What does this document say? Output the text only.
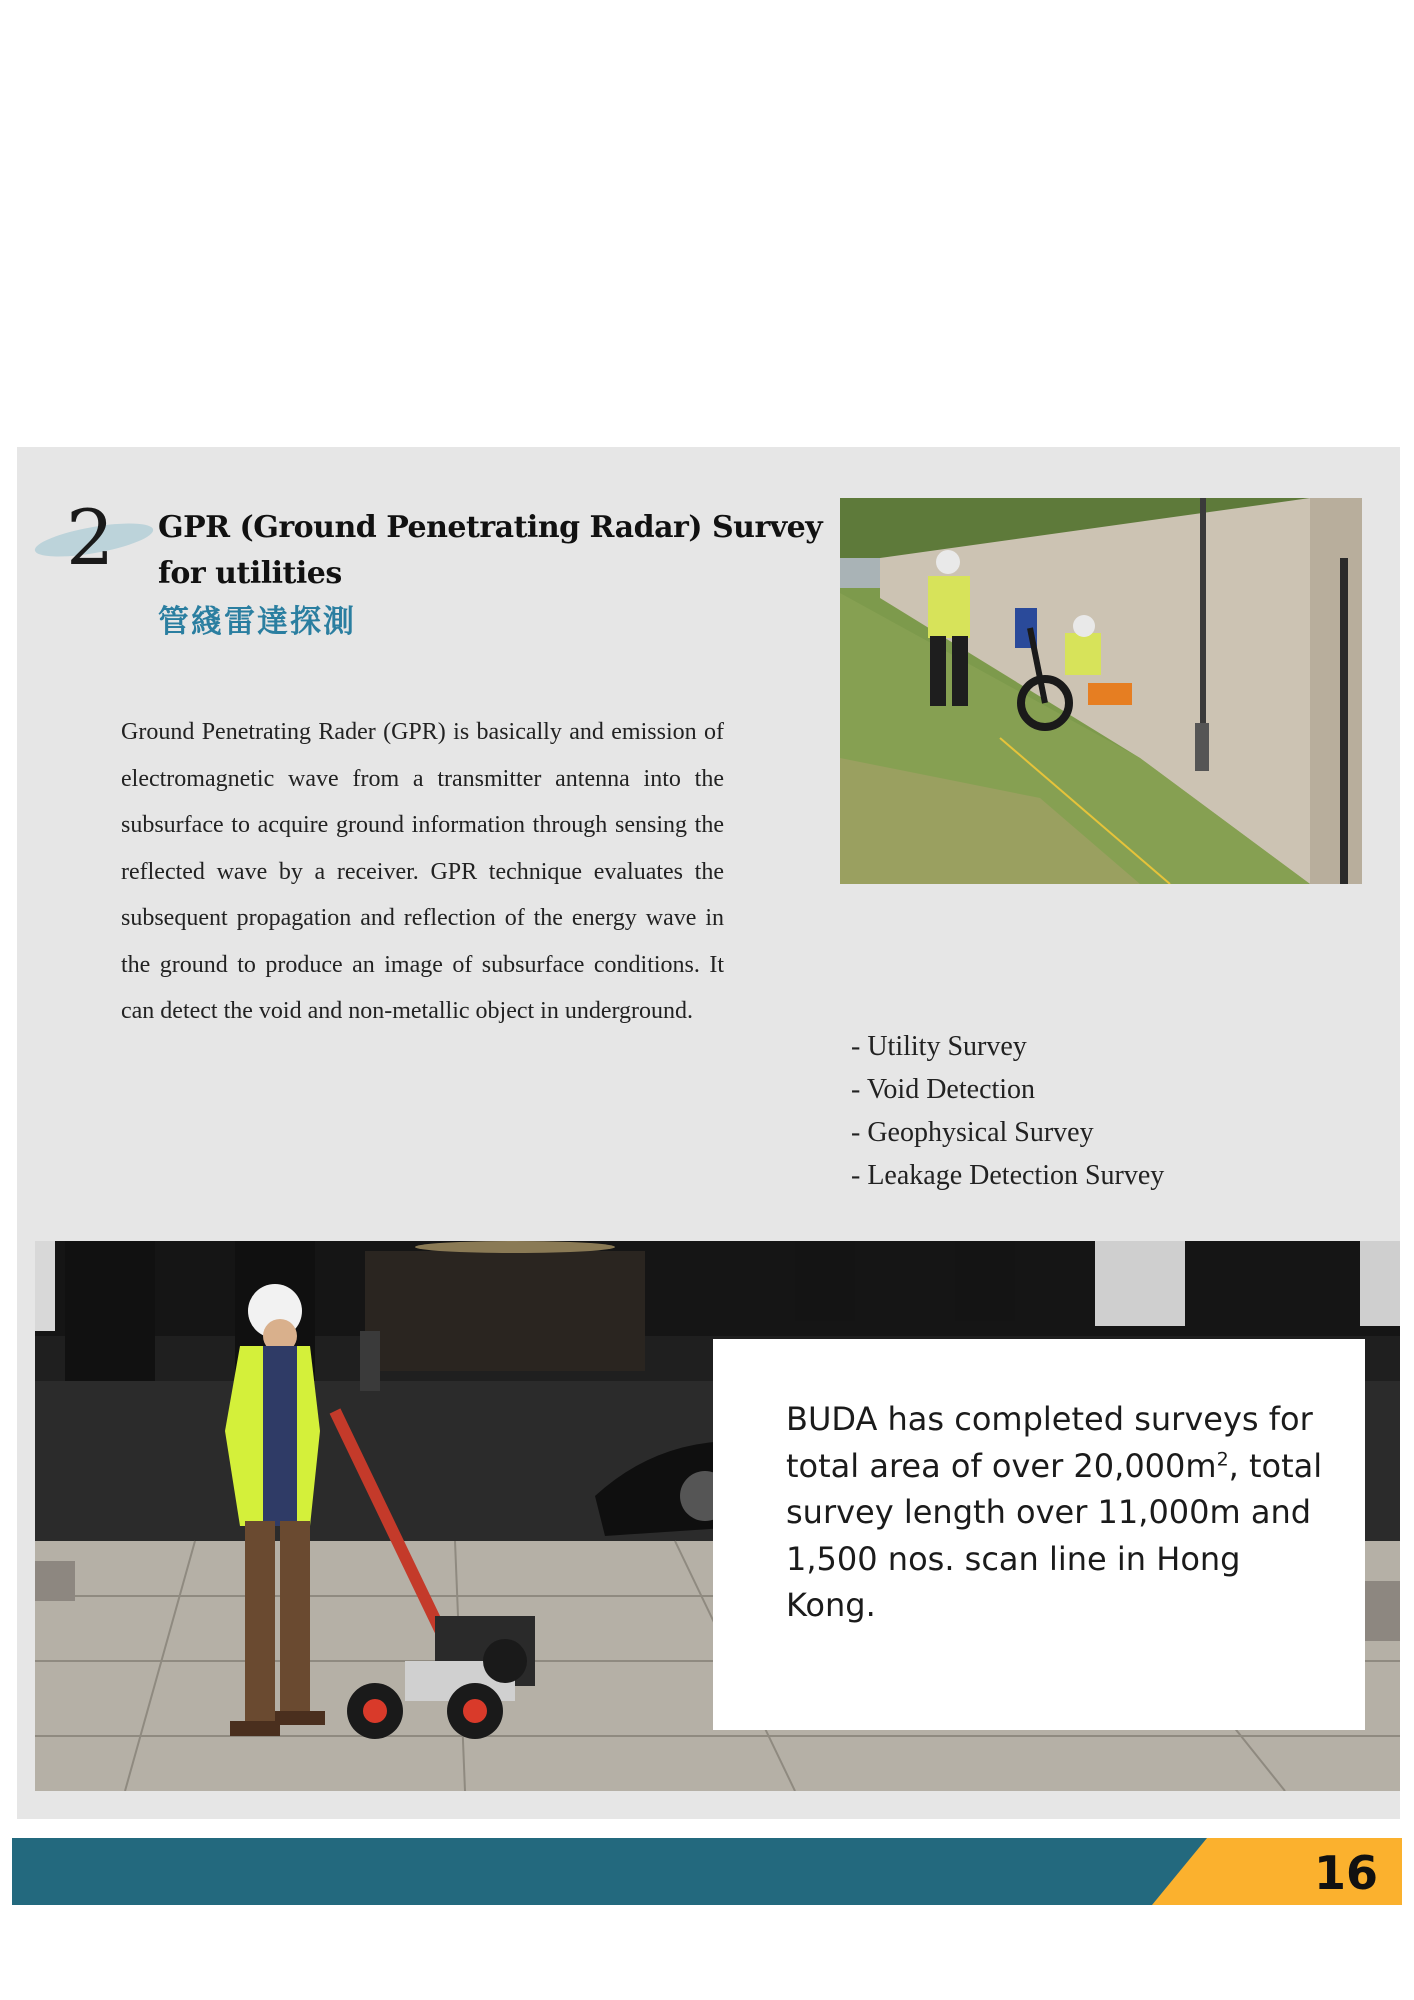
2 GPR (Ground Penetrating Radar) Survey for utilities
管綫雷達探測
Ground Penetrating Rader (GPR) is basically and emission of electromagnetic wave from a transmitter antenna into the subsurface to acquire ground information through sensing the reflected wave by a receiver. GPR technique evaluates the subsequent propagation and reflection of the energy wave in the ground to produce an image of subsurface conditions. It can detect the void and non-metallic object in underground.
- Utility Survey
- Void Detection
- Geophysical Survey
- Leakage Detection Survey
BUDA has completed surveys for total area of over $20,000m^2$, total survey length over 11,000m and 1,500 nos. scan line in Hong Kong.
16
